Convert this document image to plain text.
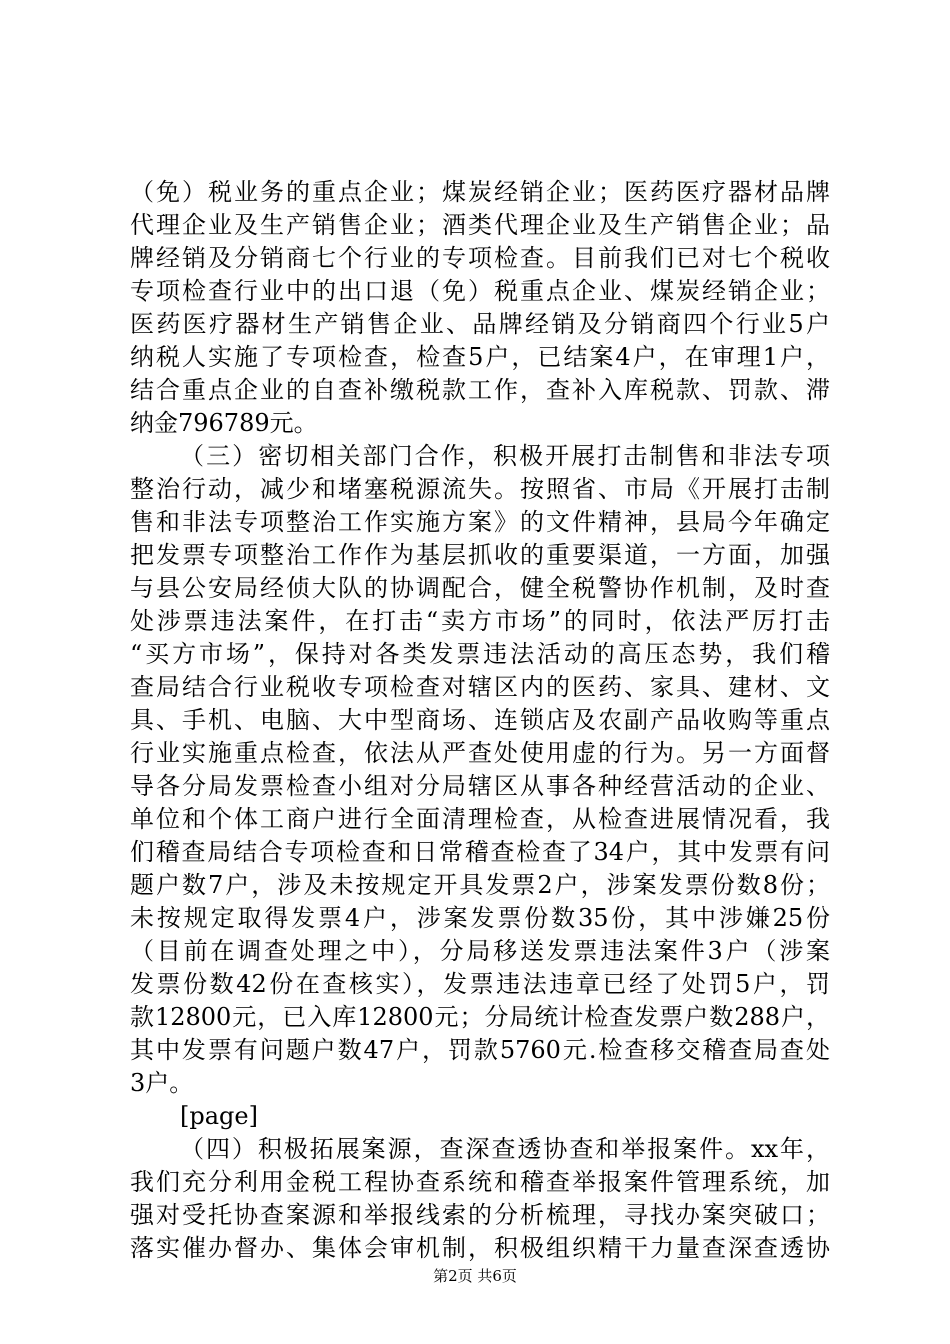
（免）税业务的重点企业；煤炭经销企业；医药医疗器材品牌
代理企业及生产销售企业；酒类代理企业及生产销售企业；品
牌经销及分销商七个行业的专项检查。目前我们已对七个税收
专项检查行业中的出口退（免）税重点企业、煤炭经销企业；
医药医疗器材生产销售企业、品牌经销及分销商四个行业5户
纳税人实施了专项检查，检查5户，已结案4户，在审理1户，
结合重点企业的自查补缴税款工作，查补入库税款、罚款、滞
纳金796789元。
（三）密切相关部门合作，积极开展打击制售和非法专项
整治行动，减少和堵塞税源流失。按照省、市局《开展打击制
售和非法专项整治工作实施方案》的文件精神，县局今年确定
把发票专项整治工作作为基层抓收的重要渠道，一方面，加强
与县公安局经侦大队的协调配合，健全税警协作机制，及时查
处涉票违法案件，在打击“卖方市场”的同时，依法严厉打击
“买方市场”，保持对各类发票违法活动的高压态势，我们稽
查局结合行业税收专项检查对辖区内的医药、家具、建材、文
具、手机、电脑、大中型商场、连锁店及农副产品收购等重点
行业实施重点检查，依法从严查处使用虚的行为。另一方面督
导各分局发票检查小组对分局辖区从事各种经营活动的企业、
单位和个体工商户进行全面清理检查，从检查进展情况看，我
们稽查局结合专项检查和日常稽查检查了34户，其中发票有问
题户数7户，涉及未按规定开具发票2户，涉案发票份数8份；
未按规定取得发票4户，涉案发票份数35份，其中涉嫌25份
（目前在调查处理之中），分局移送发票违法案件3户（涉案
发票份数42份在查核实），发票违法违章已经了处罚5户，罚
款12800元，已入库12800元；分局统计检查发票户数288户，
其中发票有问题户数47户，罚款5760元.检查移交稽查局查处
3户。
[page]
（四）积极拓展案源，查深查透协查和举报案件。xx年，
我们充分利用金税工程协查系统和稽查举报案件管理系统，加
强对受托协查案源和举报线索的分析梳理，寻找办案突破口；
落实催办督办、集体会审机制，积极组织精干力量查深查透协
第2页 共6页
